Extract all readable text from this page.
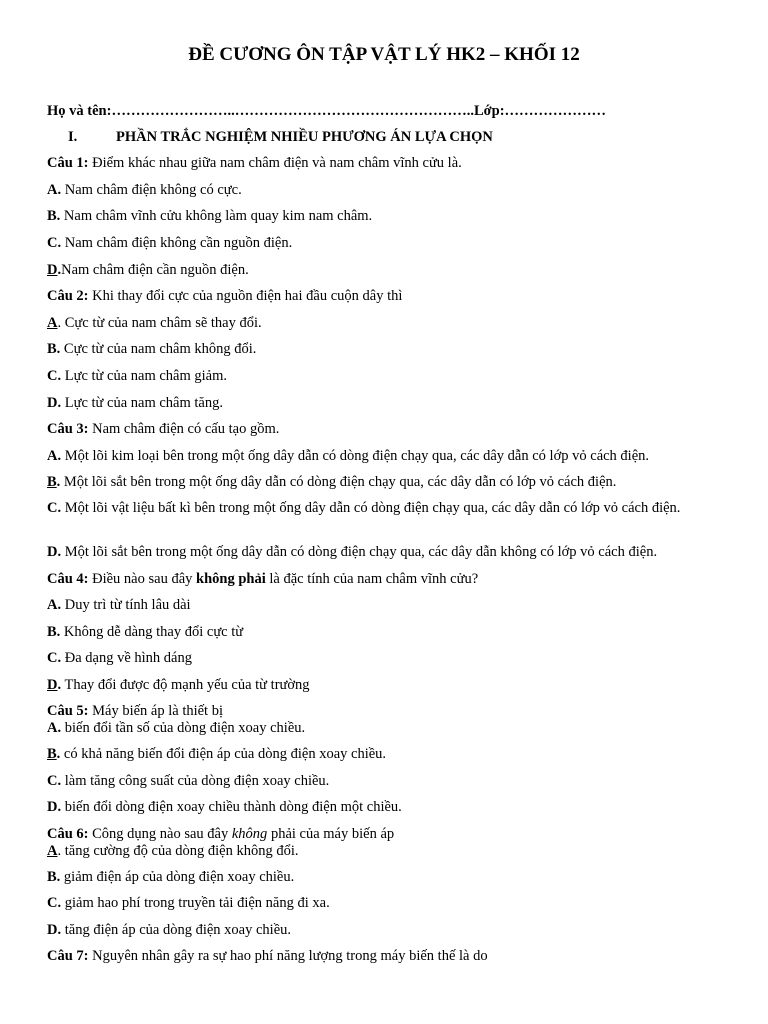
ĐỀ CƯƠNG ÔN TẬP VẬT LÝ HK2 – KHỐI 12
Họ và tên:……………………..…………………………………………..Lớp:…………………
I.	PHẦN TRẮC NGHIỆM NHIỀU PHƯƠNG ÁN LỰA CHỌN
Câu 1: Điểm khác nhau giữa nam châm điện và nam châm vĩnh cửu là.
A. Nam châm điện không có cực.
B. Nam châm vĩnh cửu không làm quay kim nam châm.
C. Nam châm điện không cần nguồn điện.
D.Nam châm điện cần nguồn điện.
Câu 2: Khi thay đổi cực của nguồn điện hai đầu cuộn dây thì
A. Cực từ của nam châm sẽ thay đổi.
B. Cực từ của nam châm không đổi.
C. Lực từ của nam châm giảm.
D. Lực từ của nam châm tăng.
Câu 3: Nam châm điện có cấu tạo gồm.
A. Một lõi kim loại bên trong một ống dây dẫn có dòng điện chạy qua, các dây dẫn có lớp vỏ cách điện.
B. Một lõi sắt bên trong một ống dây dẫn có dòng điện chạy qua, các dây dẫn có lớp vỏ cách điện.
C. Một lõi vật liệu bất kì bên trong một ống dây dẫn có dòng điện chạy qua, các dây dẫn có lớp vỏ cách điện.
D. Một lõi sắt bên trong một ống dây dẫn có dòng điện chạy qua, các dây dẫn không có lớp vỏ cách điện.
Câu 4: Điều nào sau đây không phải là đặc tính của nam châm vĩnh cửu?
A. Duy trì từ tính lâu dài
B. Không dễ dàng thay đổi cực từ
C. Đa dạng về hình dáng
D. Thay đổi được độ mạnh yếu của từ trường
Câu 5: Máy biến áp là thiết bị
A. biến đổi tần số của dòng điện xoay chiều.
B. có khả năng biến đổi điện áp của dòng điện xoay chiều.
C. làm tăng công suất của dòng điện xoay chiều.
D. biến đổi dòng điện xoay chiều thành dòng điện một chiều.
Câu 6: Công dụng nào sau đây không phải của máy biến áp
A. tăng cường độ của dòng điện không đổi.
B. giảm điện áp của dòng điện xoay chiều.
C. giảm hao phí trong truyền tải điện năng đi xa.
D. tăng điện áp của dòng điện xoay chiều.
Câu 7: Nguyên nhân gây ra sự hao phí năng lượng trong máy biến thế là do
